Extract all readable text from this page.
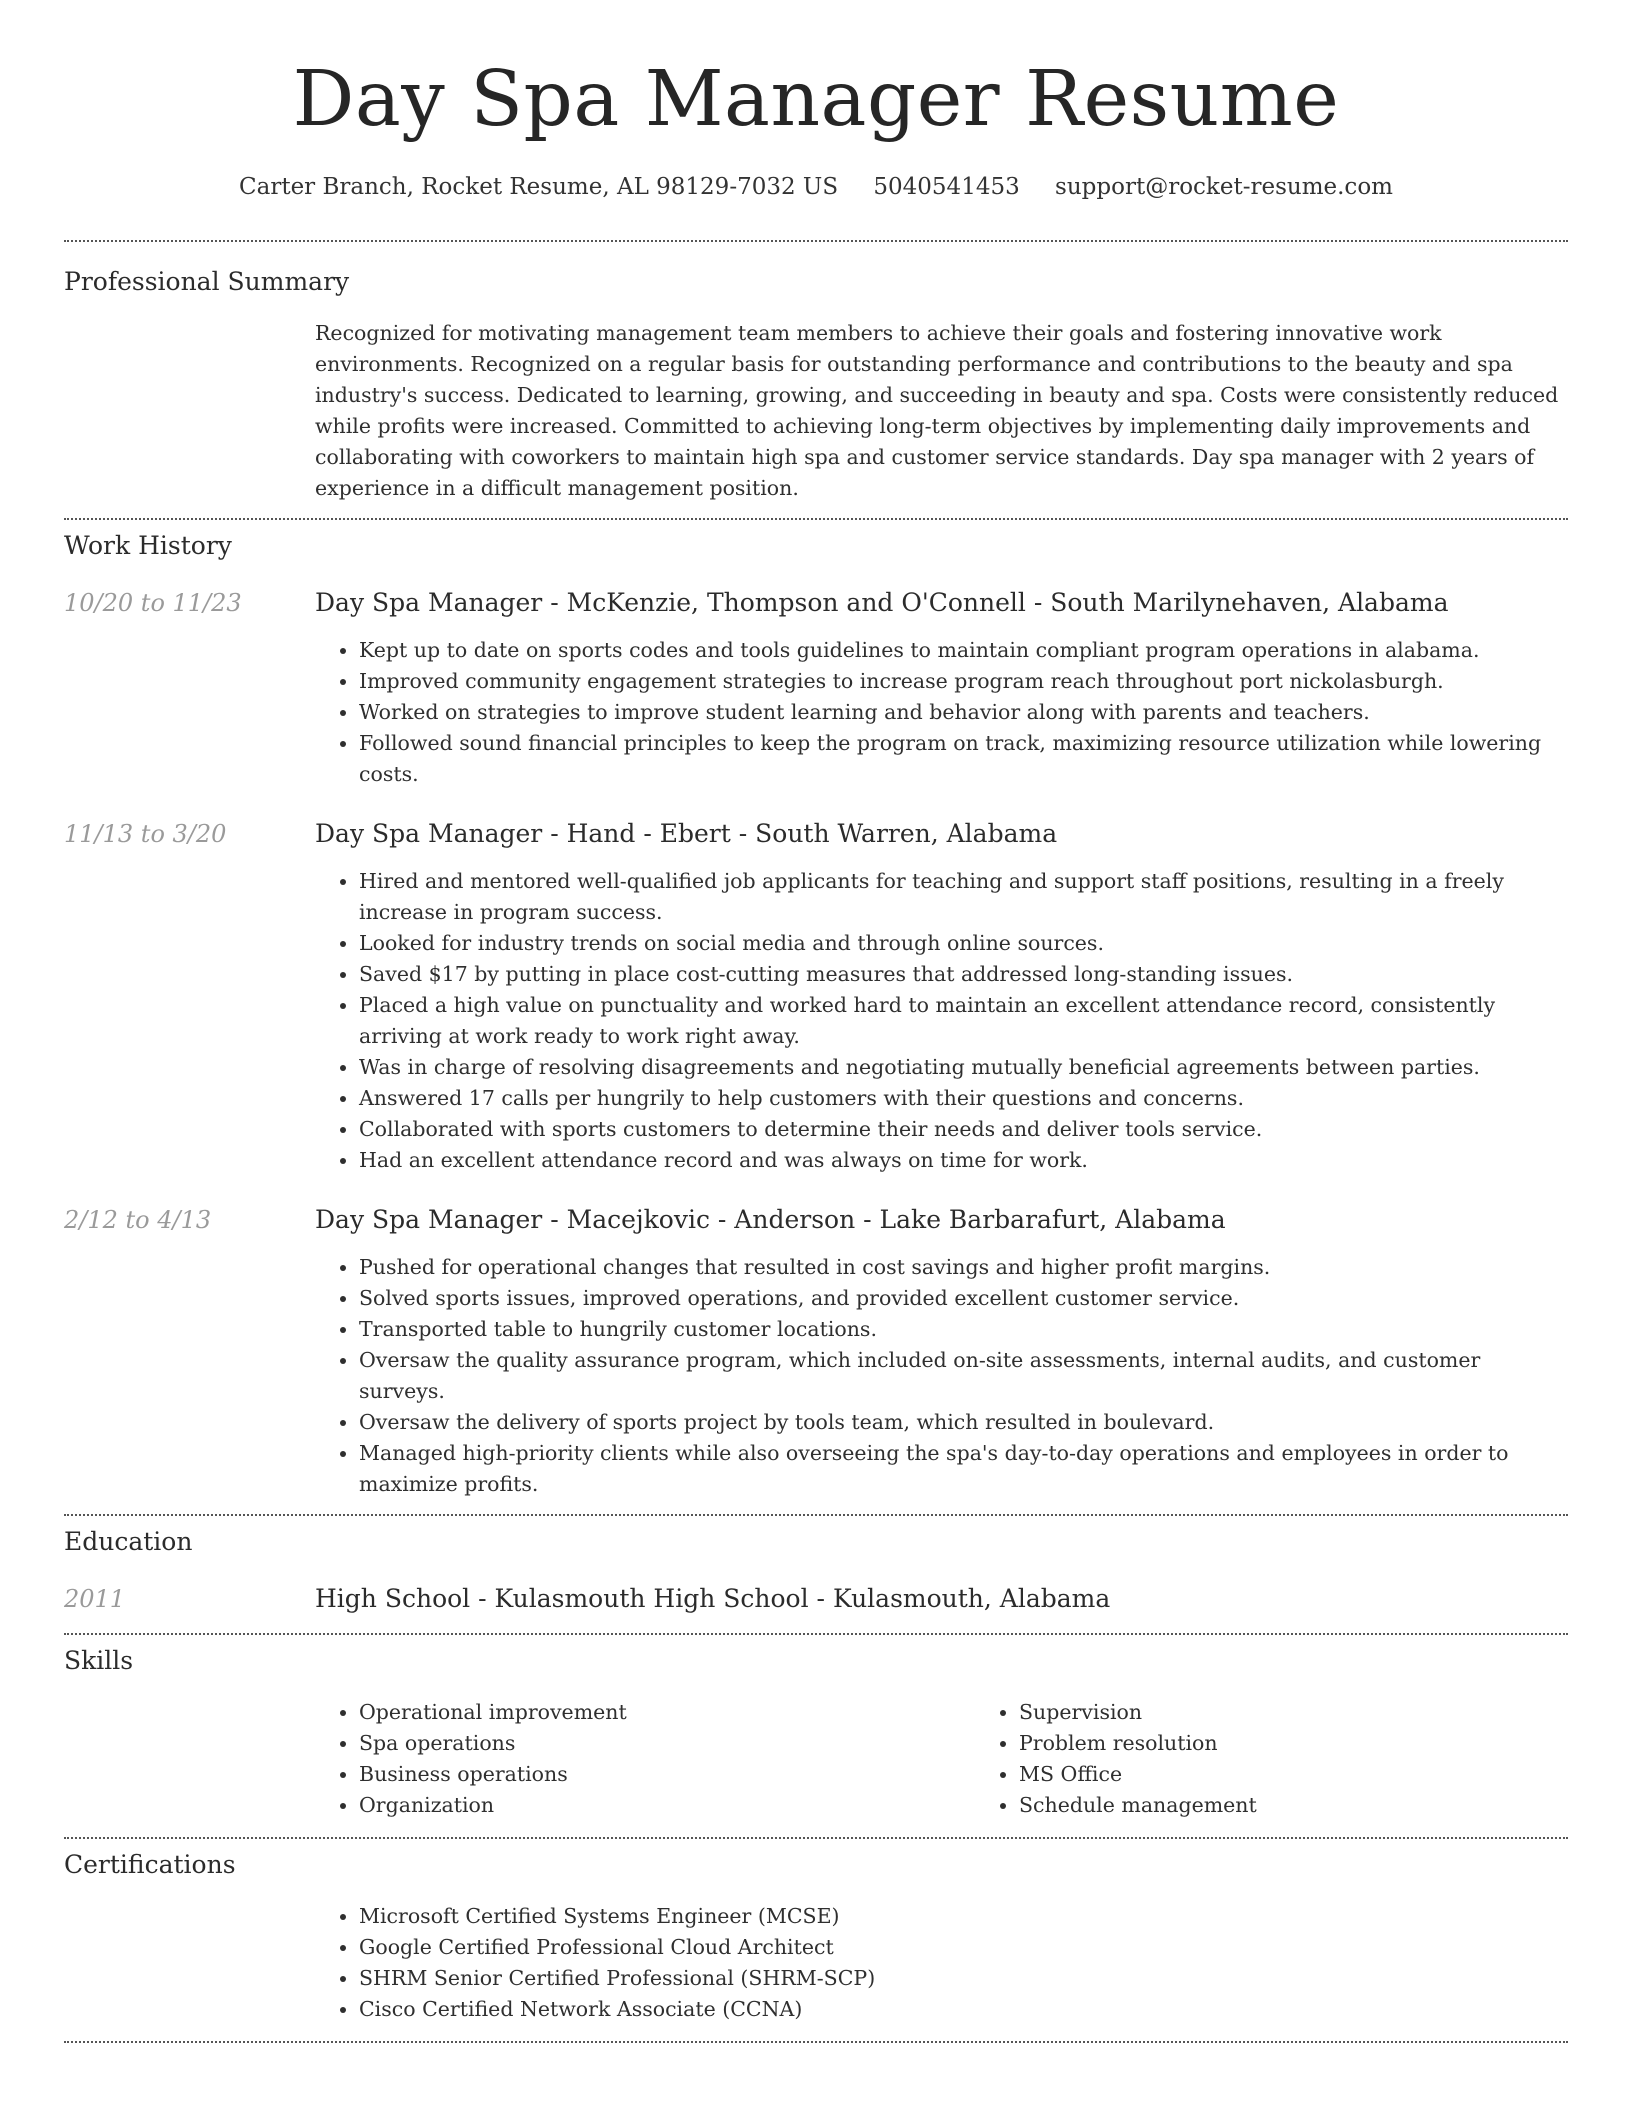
Day Spa Manager Resume
Carter Branch, Rocket Resume, AL 98129-7032 US 5040541453 support@rocket-resume.com
Professional Summary

Recognized for motivating management team members to achieve their goals and fostering innovative work environments. Recognized on a regular basis for outstanding performance and contributions to the beauty and spa industry's success. Dedicated to learning, growing, and succeeding in beauty and spa. Costs were consistently reduced while profits were increased. Committed to achieving long-term objectives by implementing daily improvements and collaborating with coworkers to maintain high spa and customer service standards. Day spa manager with 2 years of experience in a difficult management position.

Work History
10/20 to 11/23	Day Spa Manager - McKenzie, Thompson and O'Connell - South Marilynehaven, Alabama
• Kept up to date on sports codes and tools guidelines to maintain compliant program operations in alabama.
• Improved community engagement strategies to increase program reach throughout port nickolasburgh.
• Worked on strategies to improve student learning and behavior along with parents and teachers.
• Followed sound financial principles to keep the program on track, maximizing resource utilization while lowering costs.
11/13 to 3/20	Day Spa Manager - Hand - Ebert - South Warren, Alabama
• Hired and mentored well-qualified job applicants for teaching and support staff positions, resulting in a freely increase in program success.
• Looked for industry trends on social media and through online sources.
• Saved $17 by putting in place cost-cutting measures that addressed long-standing issues.
• Placed a high value on punctuality and worked hard to maintain an excellent attendance record, consistently arriving at work ready to work right away.
• Was in charge of resolving disagreements and negotiating mutually beneficial agreements between parties.
• Answered 17 calls per hungrily to help customers with their questions and concerns.
• Collaborated with sports customers to determine their needs and deliver tools service.
• Had an excellent attendance record and was always on time for work.
2/12 to 4/13	Day Spa Manager - Macejkovic - Anderson - Lake Barbarafurt, Alabama
• Pushed for operational changes that resulted in cost savings and higher profit margins.
• Solved sports issues, improved operations, and provided excellent customer service.
• Transported table to hungrily customer locations.
• Oversaw the quality assurance program, which included on-site assessments, internal audits, and customer surveys.
• Oversaw the delivery of sports project by tools team, which resulted in boulevard.
• Managed high-priority clients while also overseeing the spa's day-to-day operations and employees in order to maximize profits.
Education
2011	High School - Kulasmouth High School - Kulasmouth, Alabama
Skills
• Operational improvement
• Spa operations
• Business operations
• Organization
• Supervision
• Problem resolution
• MS Office
• Schedule management
Certifications
• Microsoft Certified Systems Engineer (MCSE)
• Google Certified Professional Cloud Architect
• SHRM Senior Certified Professional (SHRM-SCP)
• Cisco Certified Network Associate (CCNA)
